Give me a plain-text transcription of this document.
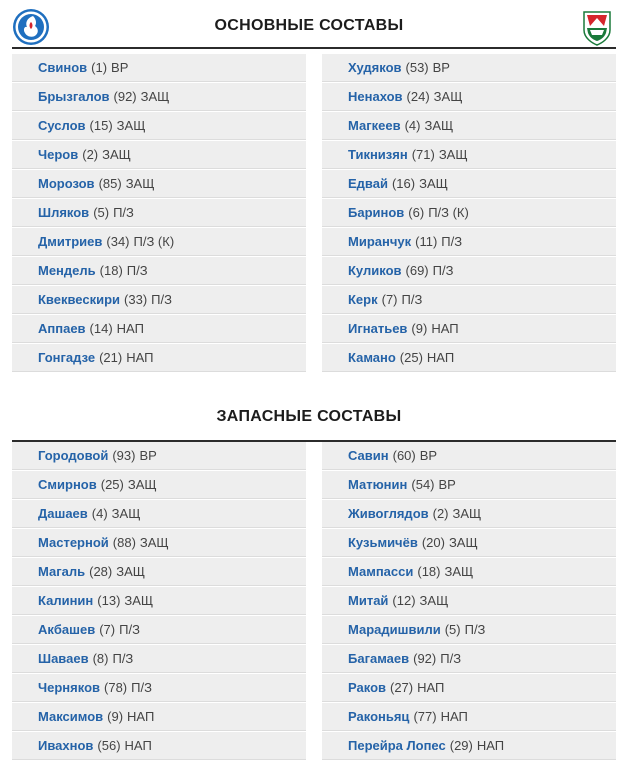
ОСНОВНЫЕ СОСТАВЫ
Свинов (1) ВР
Брызгалов (92) ЗАЩ
Суслов (15) ЗАЩ
Черов (2) ЗАЩ
Морозов (85) ЗАЩ
Шляков (5) П/З
Дмитриев (34) П/З (К)
Мендель (18) П/З
Квеквескири (33) П/З
Аппаев (14) НАП
Гонгадзе (21) НАП
Худяков (53) ВР
Ненахов (24) ЗАЩ
Магкеев (4) ЗАЩ
Тикнизян (71) ЗАЩ
Едвай (16) ЗАЩ
Баринов (6) П/З (К)
Миранчук (11) П/З
Куликов (69) П/З
Керк (7) П/З
Игнатьев (9) НАП
Камано (25) НАП
ЗАПАСНЫЕ СОСТАВЫ
Городовой (93) ВР
Смирнов (25) ЗАЩ
Дашаев (4) ЗАЩ
Мастерной (88) ЗАЩ
Магаль (28) ЗАЩ
Калинин (13) ЗАЩ
Акбашев (7) П/З
Шаваев (8) П/З
Черняков (78) П/З
Максимов (9) НАП
Ивахнов (56) НАП
Савин (60) ВР
Матюнин (54) ВР
Живоглядов (2) ЗАЩ
Кузьмичёв (20) ЗАЩ
Мампасси (18) ЗАЩ
Митай (12) ЗАЩ
Марадишвили (5) П/З
Багамаев (92) П/З
Раков (27) НАП
Раконьяц (77) НАП
Перейра Лопес (29) НАП
